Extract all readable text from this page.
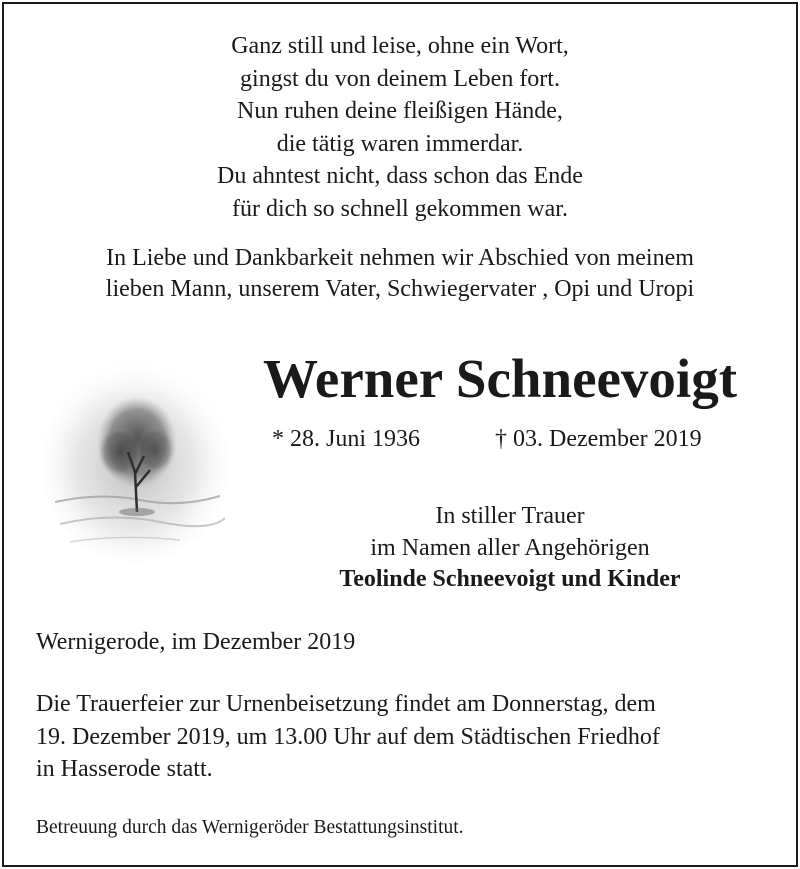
Ganz still und leise, ohne ein Wort,
gingst du von deinem Leben fort.
Nun ruhen deine fleißigen Hände,
die tätig waren immerdar.
Du ahntest nicht, dass schon das Ende
für dich so schnell gekommen war.
In Liebe und Dankbarkeit nehmen wir Abschied von meinem
lieben Mann, unserem Vater, Schwiegervater , Opi und Uropi
Werner Schneevoigt
* 28. Juni 1936	† 03. Dezember 2019
In stiller Trauer
im Namen aller Angehörigen
Teolinde Schneevoigt und Kinder
Wernigerode, im Dezember 2019
Die Trauerfeier zur Urnenbeisetzung findet am Donnerstag, dem
19. Dezember 2019, um 13.00 Uhr auf dem Städtischen Friedhof
in Hasserode statt.
Betreuung durch das Wernigeröder Bestattungsinstitut.
